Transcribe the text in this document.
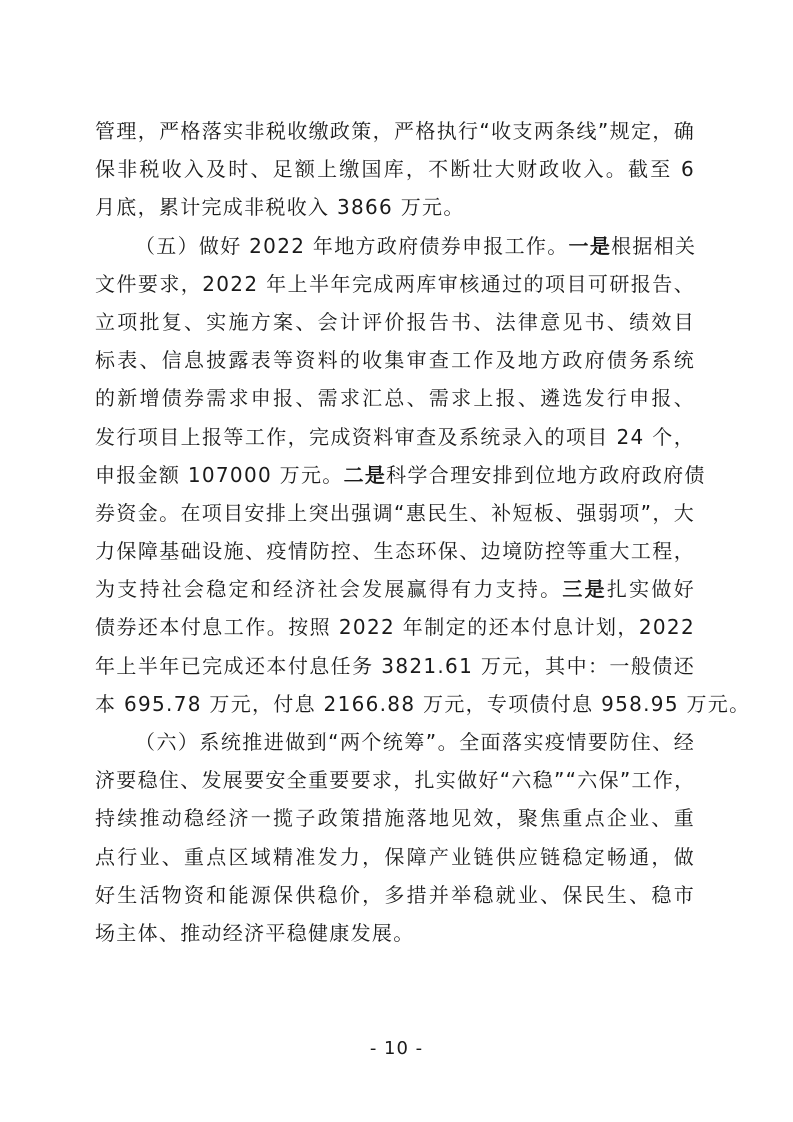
管理，严格落实非税收缴政策，严格执行“收支两条线”规定，确
保非税收入及时、足额上缴国库，不断壮大财政收入。截至 6
月底，累计完成非税收入 3866 万元。

（五）做好 2022 年地方政府债券申报工作。一是根据相关
文件要求，2022 年上半年完成两库审核通过的项目可研报告、
立项批复、实施方案、会计评价报告书、法律意见书、绩效目
标表、信息披露表等资料的收集审查工作及地方政府债务系统
的新增债券需求申报、需求汇总、需求上报、遴选发行申报、
发行项目上报等工作，完成资料审查及系统录入的项目 24 个，
申报金额 107000 万元。二是科学合理安排到位地方政府政府债
券资金。在项目安排上突出强调“惠民生、补短板、强弱项”，大
力保障基础设施、疫情防控、生态环保、边境防控等重大工程，
为支持社会稳定和经济社会发展赢得有力支持。三是扎实做好
债券还本付息工作。按照 2022 年制定的还本付息计划，2022
年上半年已完成还本付息任务 3821.61 万元，其中：一般债还
本 695.78 万元，付息 2166.88 万元，专项债付息 958.95 万元。

（六）系统推进做到“两个统筹”。全面落实疫情要防住、经
济要稳住、发展要安全重要要求，扎实做好“六稳”“六保”工作，
持续推动稳经济一揽子政策措施落地见效，聚焦重点企业、重
点行业、重点区域精准发力，保障产业链供应链稳定畅通，做
好生活物资和能源保供稳价，多措并举稳就业、保民生、稳市
场主体、推动经济平稳健康发展。

- 10 -
